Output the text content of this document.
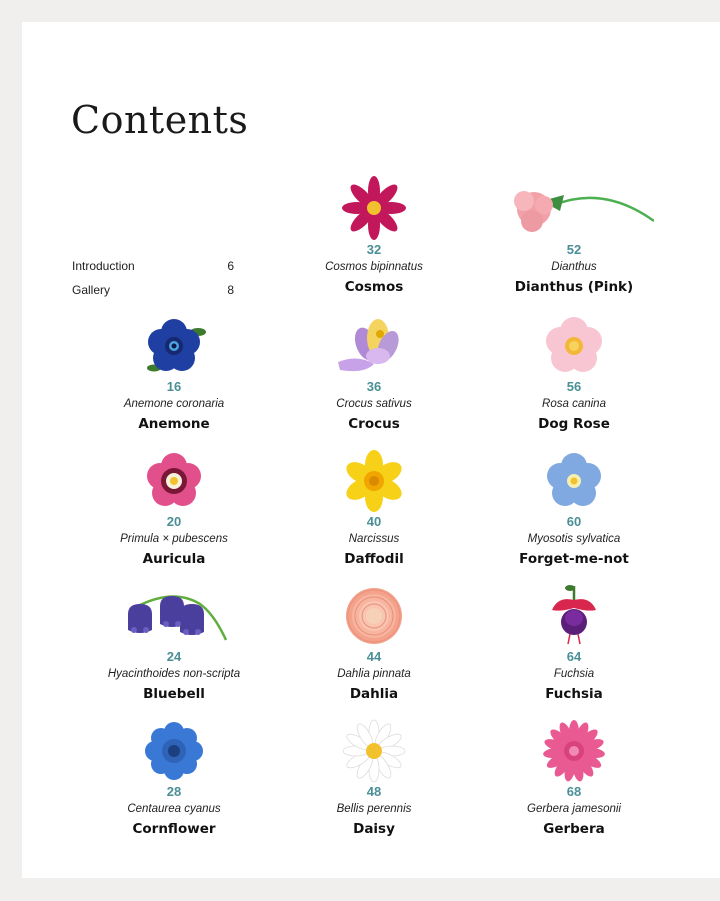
Contents
Introduction	6
Gallery	8
32
Cosmos bipinnatus
Cosmos
52
Dianthus
Dianthus (Pink)
16
Anemone coronaria
Anemone
36
Crocus sativus
Crocus
56
Rosa canina
Dog Rose
20
Primula × pubescens
Auricula
40
Narcissus
Daffodil
60
Myosotis sylvatica
Forget-me-not
24
Hyacinthoides non-scripta
Bluebell
44
Dahlia pinnata
Dahlia
64
Fuchsia
Fuchsia
28
Centaurea cyanus
Cornflower
48
Bellis perennis
Daisy
68
Gerbera jamesonii
Gerbera
